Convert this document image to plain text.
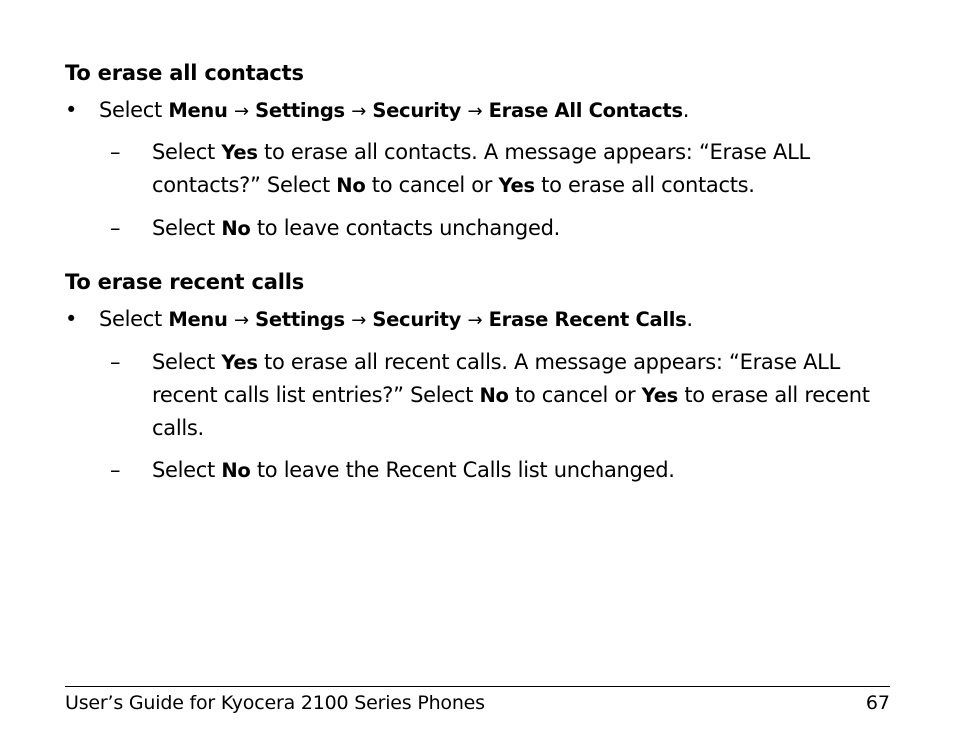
To erase all contacts
• Select Menu → Settings → Security → Erase All Contacts.
– Select Yes to erase all contacts. A message appears: “Erase ALL contacts?” Select No to cancel or Yes to erase all contacts.
– Select No to leave contacts unchanged.
To erase recent calls
• Select Menu → Settings → Security → Erase Recent Calls.
– Select Yes to erase all recent calls. A message appears: “Erase ALL recent calls list entries?” Select No to cancel or Yes to erase all recent calls.
– Select No to leave the Recent Calls list unchanged.
User’s Guide for Kyocera 2100 Series Phones	67
